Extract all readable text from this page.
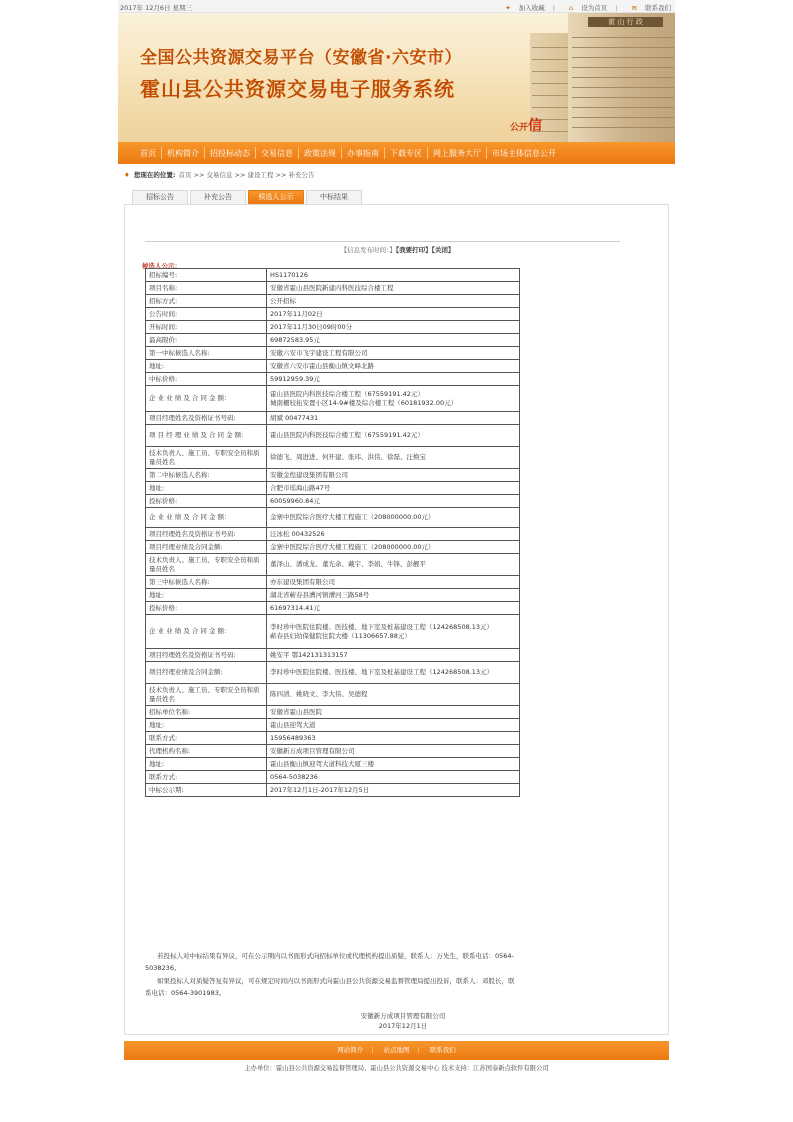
2017年 12月6日 星期三	✦ 加入收藏 | ⌂ 设为首页 | ✉ 联系我们
霍 山 行 政
全国公共资源交易平台（安徽省·六安市）
霍山县公共资源交易电子服务系统
公开信
首页 机构简介 招投标动态 交易信息 政策法规 办事指南 下载专区 网上服务大厅 市场主体信息公开
♦ 您现在的位置: 首页 >> 交易信息 >> 建设工程 >> 补充公告
招标公告	补充公告	候选人公示	中标结果
【信息发布时间：】【我要打印】【关闭】
候选人公示：
招标编号:	HS1170126

项目名称:	安徽省霍山县医院新建内科医技综合楼工程

招标方式:	公开招标

公告时间:	2017年11月02日

开标时间:	2017年11月30日09时00分

最高限价:	69872583.95元

第一中标候选人名称:	安徽六安市飞宇建设工程有限公司

地址:	安徽省六安市霍山县衡山镇文峰北路

中标价格:	59912959.39元

企 业 业 绩 及 合 同 金 额：	霍山县医院内科医技综合楼工程（67559191.42元）
城南棚较拓安置小区14-9#楼及综合楼工程（60181932.00元）

项目经理姓名及资格证书号码:	胡斌 00477431

项 目 经 理 业 绩 及 合 同 金 额：	霍山县医院内科医技综合楼工程（67559191.42元）

技术负责人、施工员、专职安全员和质量员姓名	徐德飞、周进进、何开建、张玮、洪伟、徐磊、汪焕宝

第二中标候选人名称:	安徽金煌建设集团有限公司

地址:	合肥市瑶海山路47号

投标价格:	60059960.84元

企 业 业 绩 及 合 同 金 额：	金寨中医院综合医疗大楼工程施工（208000000.00元）

项目经理姓名及资格证书号码:	汪冰松 00432526

项目经理业绩及合同金额:	金寨中医院综合医疗大楼工程施工（208000000.00元）

技术负责人、施工员、专职安全员和质量员姓名	董泽山、潘成龙、董光余、戴宇、李娟、牛锋、彭靓平

第三中标候选人名称:	亦东建设集团有限公司

地址:	湖北省蕲春县漕河镇漕河三路58号

投标价格:	61697314.41元

企 业 业 绩 及 合 同 金 额：	李时珍中医院住院楼、医技楼、地下室及桩基建设工程（124268508.13元）
蕲春县妇幼保健院住院大楼（11306657.88元）

项目经理姓名及资格证书号码:	姚安平 鄂142131313157

项目经理业绩及合同金额:	李时珍中医院住院楼、医技楼、地下室及桩基建设工程（124268508.13元）

技术负责人、施工员、专职安全员和质量员姓名	陈四清、姚晓文、李大伟、吴德程

招标单位名称:	安徽省霍山县医院

地址:	霍山县迎驾大道

联系方式:	15956489363

代理机构名称:	安徽新万成项目管理有限公司

地址:	霍山县衡山镇迎驾大道科技大厦三楼

联系方式:	0564-5038236

中标公示期:	2017年12月1日-2017年12月5日

若投标人对中标结果有异议，可在公示期内以书面形式向招标单位或代理机构提出质疑，联系人：万先生，联系电话：0564-5038236。

如果投标人对质疑答复有异议，可在规定时间内以书面形式向霍山县公共资源交易监督管理局提出投诉，联系人：邓股长，联系电话：0564-3901983。

安徽新万成项目管理有限公司
2017年12月1日
网站简介 | 站点地图 | 联系我们
主办单位：霍山县公共资源交易监督管理局、霍山县公共资源交易中心 技术支持：江苏国泰新点软件有限公司
